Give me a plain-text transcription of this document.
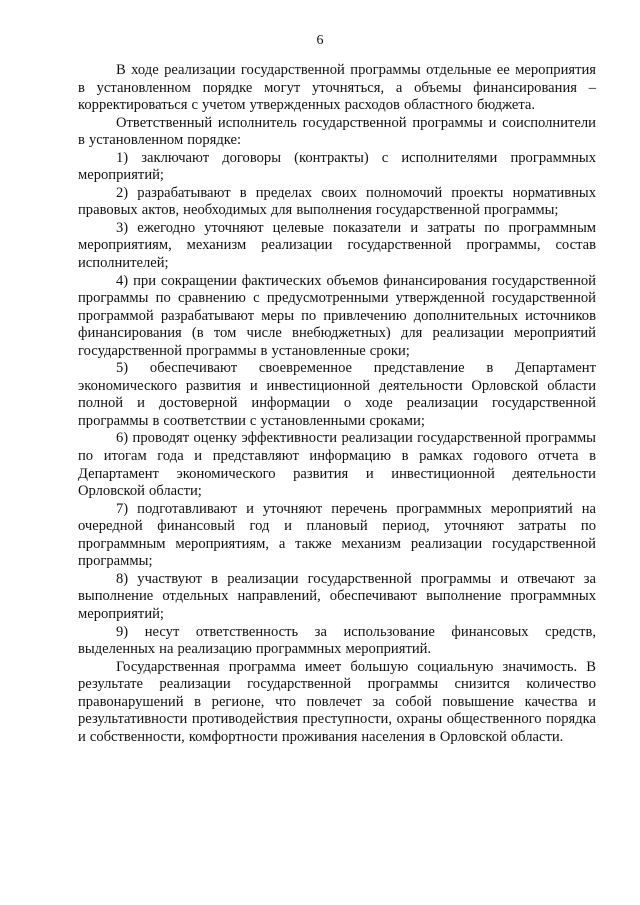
6

В ходе реализации государственной программы отдельные ее мероприятия в установленном порядке могут уточняться, а объемы финансирования – корректироваться с учетом утвержденных расходов областного бюджета.

Ответственный исполнитель государственной программы и соисполнители в установленном порядке:

1) заключают договоры (контракты) с исполнителями программных мероприятий;

2) разрабатывают в пределах своих полномочий проекты нормативных правовых актов, необходимых для выполнения государственной программы;

3) ежегодно уточняют целевые показатели и затраты по программным мероприятиям, механизм реализации государственной программы, состав исполнителей;

4) при сокращении фактических объемов финансирования государственной программы по сравнению с предусмотренными утвержденной государственной программой разрабатывают меры по привлечению дополнительных источников финансирования (в том числе внебюджетных) для реализации мероприятий государственной программы в установленные сроки;

5) обеспечивают своевременное представление в Департамент экономического развития и инвестиционной деятельности Орловской области полной и достоверной информации о ходе реализации государственной программы в соответствии с установленными сроками;

6) проводят оценку эффективности реализации государственной программы по итогам года и представляют информацию в рамках годового отчета в Департамент экономического развития и инвестиционной деятельности Орловской области;

7) подготавливают и уточняют перечень программных мероприятий на очередной финансовый год и плановый период, уточняют затраты по программным мероприятиям, а также механизм реализации государственной программы;

8) участвуют в реализации государственной программы и отвечают за выполнение отдельных направлений, обеспечивают выполнение программных мероприятий;

9) несут ответственность за использование финансовых средств, выделенных на реализацию программных мероприятий.

Государственная программа имеет большую социальную значимость. В результате реализации государственной программы снизится количество правонарушений в регионе, что повлечет за собой повышение качества и результативности противодействия преступности, охраны общественного порядка и собственности, комфортности проживания населения в Орловской области.
